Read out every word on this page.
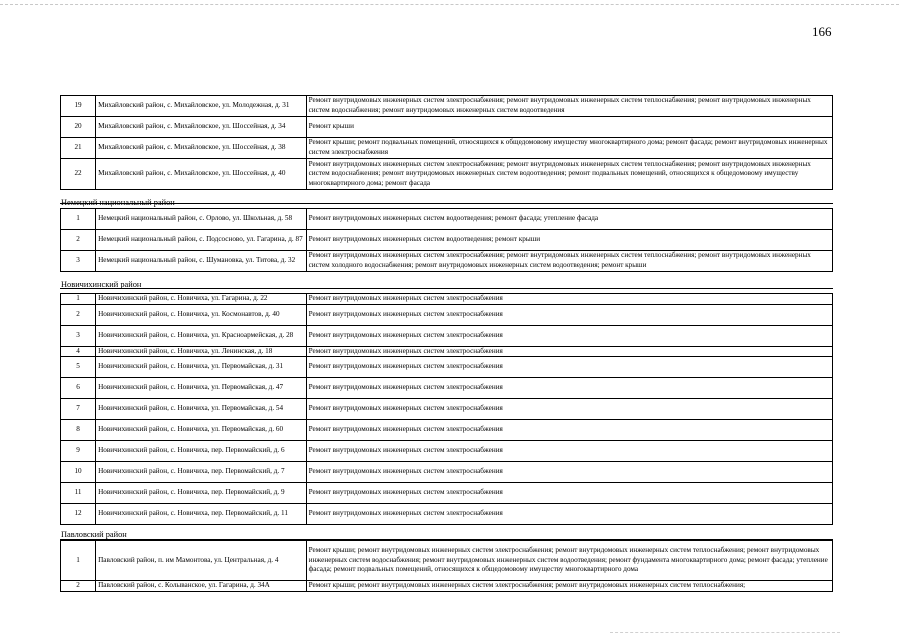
166
19	Михайловский район, с. Михайловское, ул. Молодежная, д. 31	Ремонт внутридомовых инженерных систем электроснабжения; ремонт внутридомовых инженерных систем теплоснабжения; ремонт внутридомовых инженерных систем водоснабжения; ремонт внутридомовых инженерных систем водоотведения
20	Михайловский район, с. Михайловское, ул. Шоссейная, д. 34	Ремонт крыши
21	Михайловский район, с. Михайловское, ул. Шоссейная, д. 38	Ремонт крыши; ремонт подвальных помещений, относящихся к общедомовому имуществу многоквартирного дома; ремонт фасада; ремонт внутридомовых инженерных систем электроснабжения
22	Михайловский район, с. Михайловское, ул. Шоссейная, д. 40	Ремонт внутридомовых инженерных систем электроснабжения; ремонт внутридомовых инженерных систем теплоснабжения; ремонт внутридомовых инженерных систем водоснабжения; ремонт внутридомовых инженерных систем водоотведения; ремонт подвальных помещений, относящихся к общедомовому имуществу многоквартирного дома; ремонт фасада
Немецкий национальный район
1	Немецкий национальный район, с. Орлово, ул. Школьная, д. 58	Ремонт внутридомовых инженерных систем водоотведения; ремонт фасада; утепление фасада
2	Немецкий национальный район, с. Подсосново, ул. Гагарина, д. 87	Ремонт внутридомовых инженерных систем водоотведения; ремонт крыши
3	Немецкий национальный район, с. Шумановка, ул. Титова, д. 32	Ремонт внутридомовых инженерных систем электроснабжения; ремонт внутридомовых инженерных систем теплоснабжения; ремонт внутридомовых инженерных систем холодного водоснабжения; ремонт внутридомовых инженерных систем водоотведения; ремонт крыши
Новичихинский район
1	Новичихинский район, с. Новичиха, ул. Гагарина, д. 22	Ремонт внутридомовых инженерных систем электроснабжения
2	Новичихинский район, с. Новичиха, ул. Космонавтов, д. 40	Ремонт внутридомовых инженерных систем электроснабжения
3	Новичихинский район, с. Новичиха, ул. Красноармейская, д. 28	Ремонт внутридомовых инженерных систем электроснабжения
4	Новичихинский район, с. Новичиха, ул. Ленинская, д. 18	Ремонт внутридомовых инженерных систем электроснабжения
5	Новичихинский район, с. Новичиха, ул. Первомайская, д. 31	Ремонт внутридомовых инженерных систем электроснабжения
6	Новичихинский район, с. Новичиха, ул. Первомайская, д. 47	Ремонт внутридомовых инженерных систем электроснабжения
7	Новичихинский район, с. Новичиха, ул. Первомайская, д. 54	Ремонт внутридомовых инженерных систем электроснабжения
8	Новичихинский район, с. Новичиха, ул. Первомайская, д. 60	Ремонт внутридомовых инженерных систем электроснабжения
9	Новичихинский район, с. Новичиха, пер. Первомайский, д. 6	Ремонт внутридомовых инженерных систем электроснабжения
10	Новичихинский район, с. Новичиха, пер. Первомайский, д. 7	Ремонт внутридомовых инженерных систем электроснабжения
11	Новичихинский район, с. Новичиха, пер. Первомайский, д. 9	Ремонт внутридомовых инженерных систем электроснабжения
12	Новичихинский район, с. Новичиха, пер. Первомайский, д. 11	Ремонт внутридомовых инженерных систем электроснабжения
Павловский район
1	Павловский район, п. им Мамонтова, ул. Центральная, д. 4	Ремонт крыши; ремонт внутридомовых инженерных систем электроснабжения; ремонт внутридомовых инженерных систем теплоснабжения; ремонт внутридомовых инженерных систем водоснабжения; ремонт внутридомовых инженерных систем водоотведения; ремонт фундамента многоквартирного дома; ремонт фасада; утепление фасада; ремонт подвальных помещений, относящихся к общедомовому имуществу многоквартирного дома
2	Павловский район, с. Колыванское, ул. Гагарина, д. 34А	Ремонт крыши; ремонт внутридомовых инженерных систем электроснабжения; ремонт внутридомовых инженерных систем теплоснабжения;
